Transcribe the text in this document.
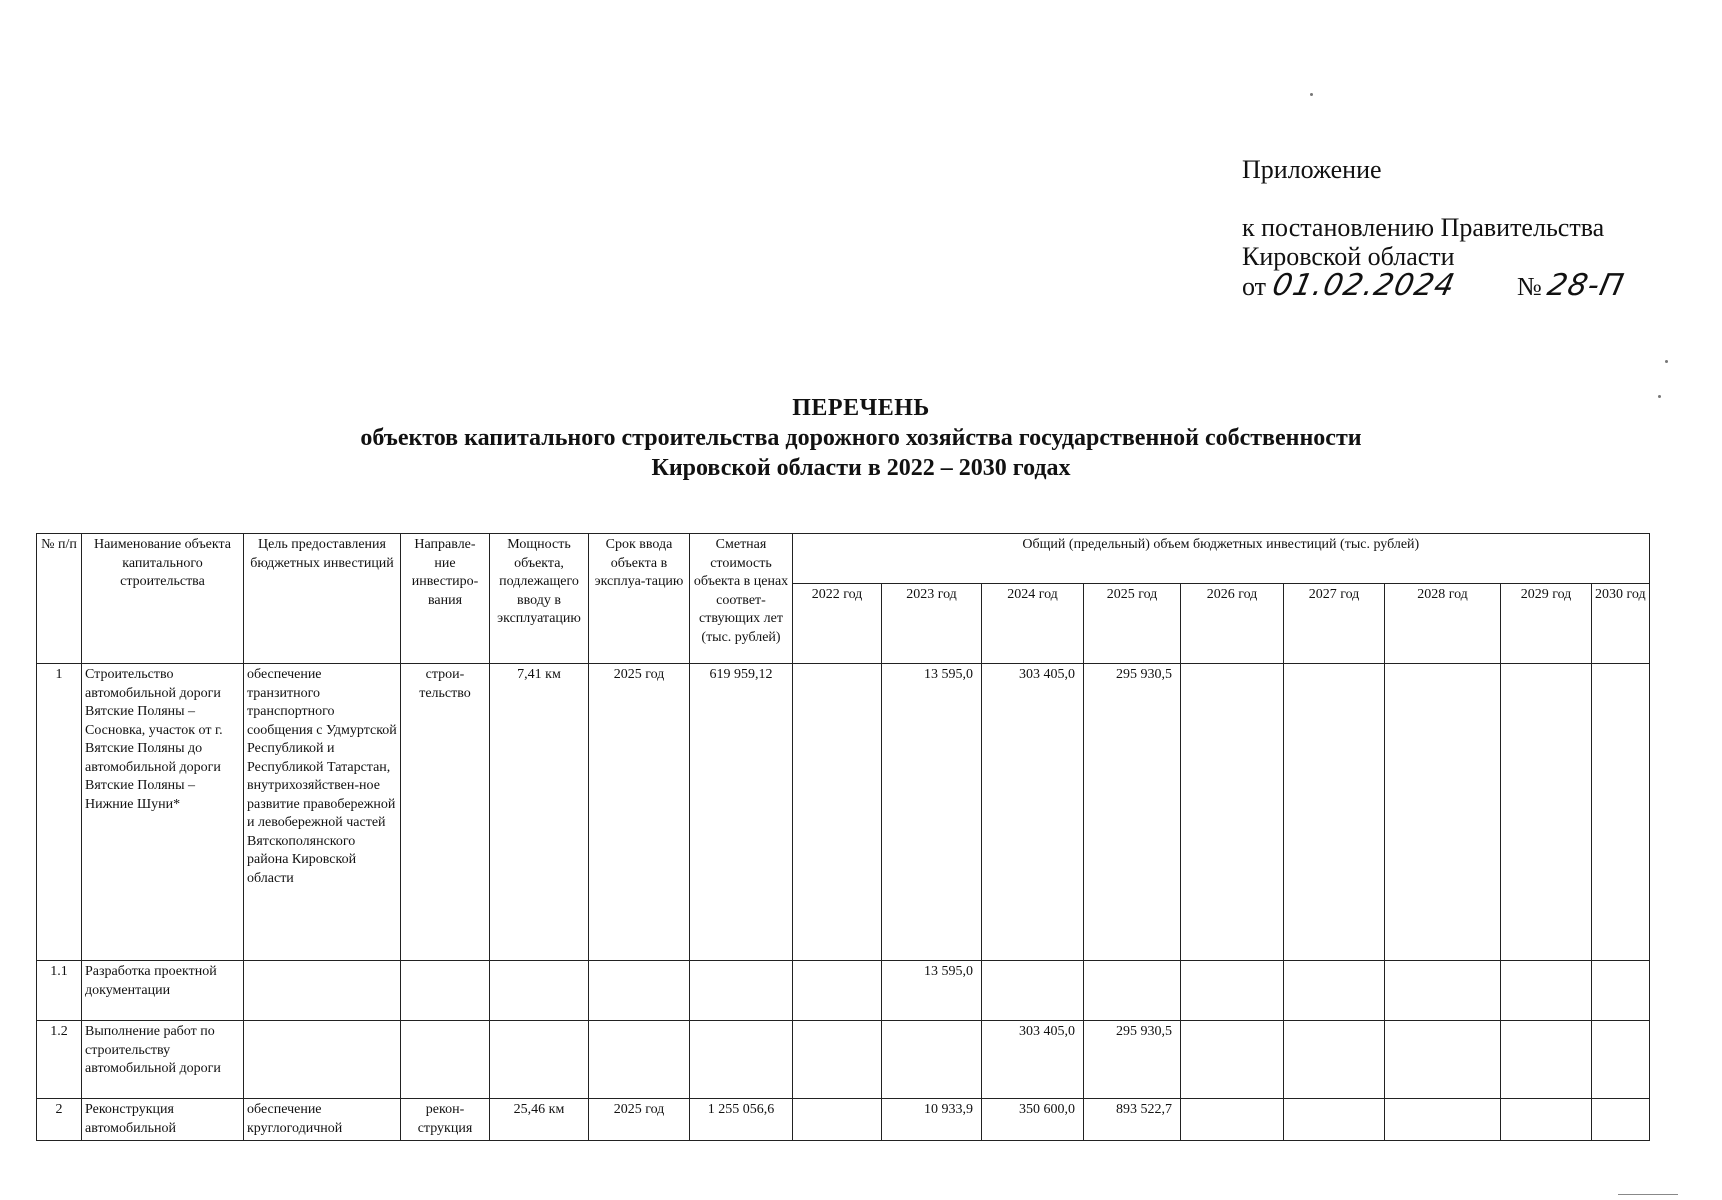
Приложение
к постановлению Правительства
Кировской области
от 01.02.2024 № 28-П
ПЕРЕЧЕНЬ
объектов капитального строительства дорожного хозяйства государственной собственности
Кировской области в 2022 – 2030 годах
№ п/п	Наименование объекта капитального строительства	Цель предоставления бюджетных инвестиций	Направле-ние инвестиро-вания	Мощность объекта, подлежащего вводу в эксплуатацию	Срок ввода объекта в эксплуа-тацию	Сметная стоимость объекта в ценах соответ-ствующих лет (тыс. рублей)	Общий (предельный) объем бюджетных инвестиций (тыс. рублей)								
							2022 год	2023 год	2024 год	2025 год	2026 год	2027 год	2028 год	2029 год	2030 год
1	Строительство автомобильной дороги Вятские Поляны – Сосновка, участок от г. Вятские Поляны до автомобильной дороги Вятские Поляны – Нижние Шуни*	обеспечение транзитного транспортного сообщения с Удмуртской Республикой и Республикой Татарстан, внутрихозяйствен-ное развитие правобережной и левобережной частей Вятскополянского района Кировской области	строи-тельство	7,41 км	2025 год	619 959,12		13 595,0	303 405,0	295 930,5					
1.1	Разработка проектной документации							13 595,0							
1.2	Выполнение работ по строительству автомобильной дороги								303 405,0	295 930,5					
2	Реконструкция автомобильной	обеспечение круглогодичной	рекон-струкция	25,46 км	2025 год	1 255 056,6		10 933,9	350 600,0	893 522,7					
